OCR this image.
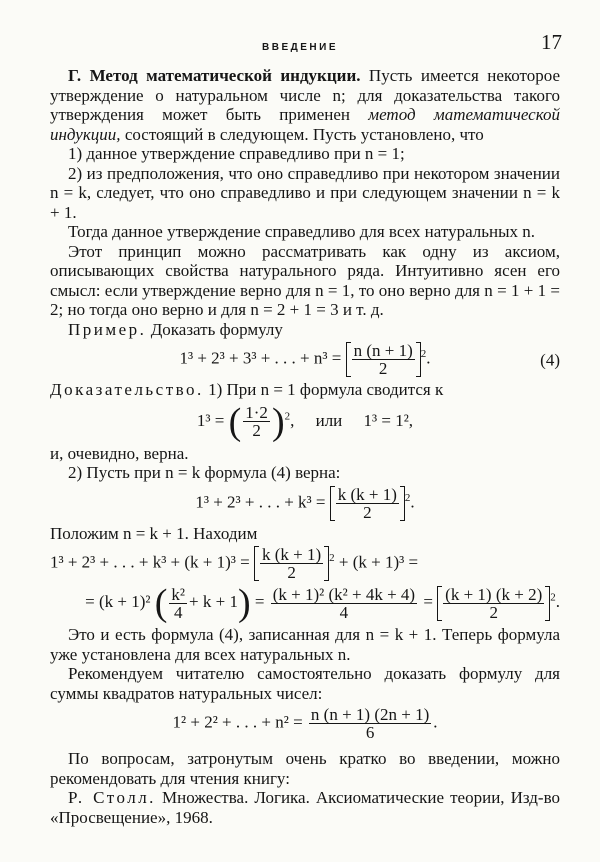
ВВЕДЕНИЕ	17

Г. Метод математической индукции. Пусть имеется некоторое утверждение о натуральном числе n; для доказательства такого утверждения может быть применен метод математической индукции, состоящий в следующем. Пусть установлено, что

1) данное утверждение справедливо при n = 1;

2) из предположения, что оно справедливо при некотором значении n = k, следует, что оно справедливо и при следующем значении n = k + 1.

Тогда данное утверждение справедливо для всех натуральных n.

Этот принцип можно рассматривать как одну из аксиом, описывающих свойства натурального ряда. Интуитивно ясен его смысл: если утверждение верно для n = 1, то оно верно для n = 1 + 1 = 2; но тогда оно верно и для n = 2 + 1 = 3 и т. д.

Пример. Доказать формулу

1³ + 2³ + 3³ + . . . + $n^3 = \frac{n (n + 1)}{2} ^2$.	(4)

Доказательство. 1) При n = 1 формула сводится к

1³ = ( $\frac{1\cdot 2}{2} )^2$,     или 1³ = 1²,

и, очевидно, верна.

2) Пусть при n = k формула (4) верна:

1³ + 2³ + . . . + $k^3 = \frac{k (k + 1)}{2} ^2$.

Положим n = k + 1. Находим

1³ + 2³ + . . . + $k^3 + (k + 1)^3 = \frac{k (k + 1)}{2} ^2 + (k + 1)^3$ =
= (k + 1)² ( $\frac{\text{k²}}{4} + k + 1) = \frac{\text{(k + 1)² (k² + 4k + 4)}}{4} = \frac{(k + 1) (k + 2)}{2} ^2$.

Это и есть формула (4), записанная для n = k + 1. Теперь формула уже установлена для всех натуральных n.

Рекомендуем читателю самостоятельно доказать формулу для суммы квадратов натуральных чисел:

1² + 2² + . . . + $n^2 = \frac{n (n + 1) (2n + 1)}{6}$ .

По вопросам, затронутым очень кратко во введении, можно рекомендовать для чтения книгу:

Р. Столл. Множества. Логика. Аксиоматические теории, Изд-во «Просвещение», 1968.
